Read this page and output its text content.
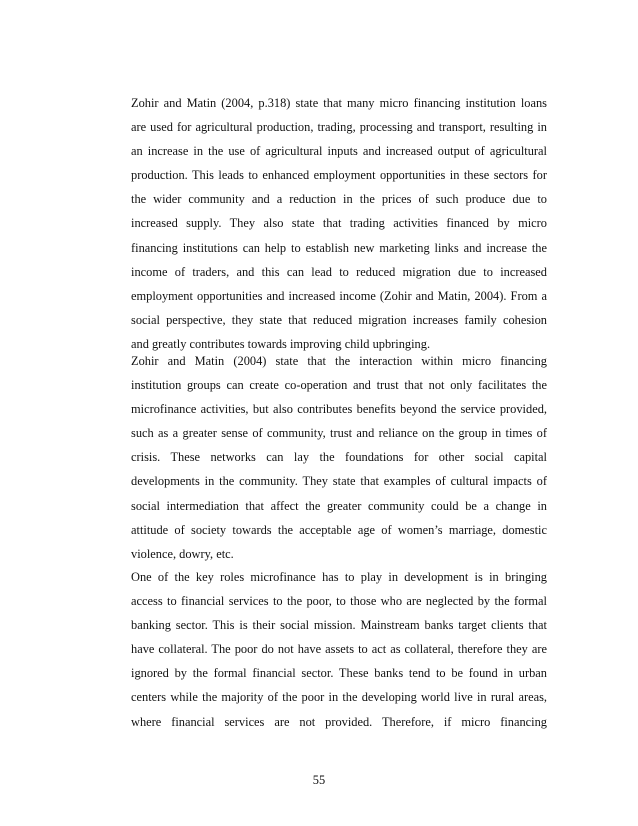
Zohir and Matin (2004, p.318) state that many micro financing institution loans
are used for agricultural production, trading, processing and transport, resulting in
an increase in the use of agricultural inputs and increased output of agricultural
production. This leads to enhanced employment opportunities in these sectors for
the wider community and a reduction in the prices of such produce due to
increased supply. They also state that trading activities financed by micro
financing institutions can help to establish new marketing links and increase the
income of traders, and this can lead to reduced migration due to increased
employment opportunities and increased income (Zohir and Matin, 2004). From a
social perspective, they state that reduced migration increases family cohesion
and greatly contributes towards improving child upbringing.
Zohir and Matin (2004) state that the interaction within micro financing
institution groups can create co-operation and trust that not only facilitates the
microfinance activities, but also contributes benefits beyond the service provided,
such as a greater sense of community, trust and reliance on the group in times of
crisis. These networks can lay the foundations for other social capital
developments in the community. They state that examples of cultural impacts of
social intermediation that affect the greater community could be a change in
attitude of society towards the acceptable age of women’s marriage, domestic
violence, dowry, etc.
One of the key roles microfinance has to play in development is in bringing
access to financial services to the poor, to those who are neglected by the formal
banking sector. This is their social mission. Mainstream banks target clients that
have collateral. The poor do not have assets to act as collateral, therefore they are
ignored by the formal financial sector. These banks tend to be found in urban
centers while the majority of the poor in the developing world live in rural areas,
where financial services are not provided. Therefore, if micro financing

55
